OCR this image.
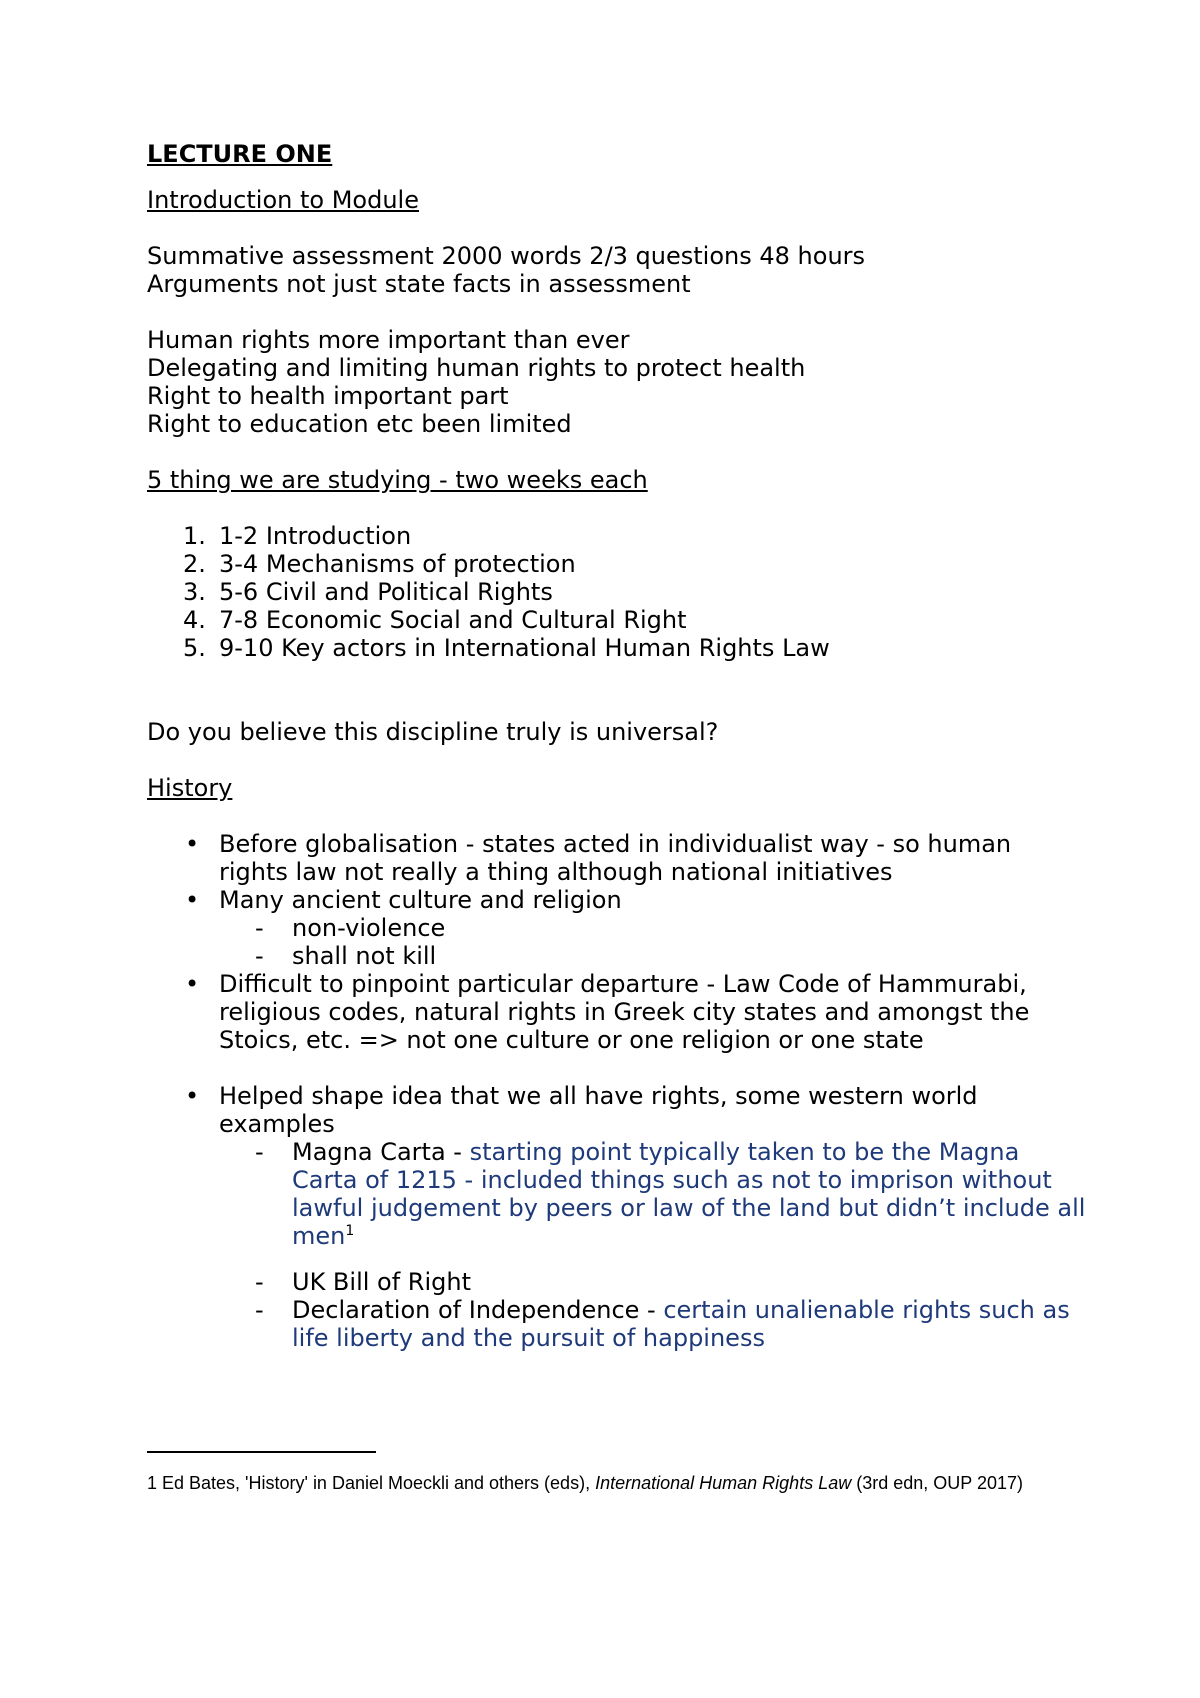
LECTURE ONE

Introduction to Module

Summative assessment 2000 words 2/3 questions 48 hours

Arguments not just state facts in assessment

Human rights more important than ever

Delegating and limiting human rights to protect health

Right to health important part

Right to education etc been limited

5 thing we are studying - two weeks each

1. 1-2 Introduction
2. 3-4 Mechanisms of protection
3. 5-6 Civil and Political Rights
4. 7-8 Economic Social and Cultural Right
5. 9-10 Key actors in International Human Rights Law

Do you believe this discipline truly is universal?

History

• Before globalisation - states acted in individualist way - so human rights law not really a thing although national initiatives
• Many ancient culture and religion
- non-violence
- shall not kill
• Difficult to pinpoint particular departure - Law Code of Hammurabi, religious codes, natural rights in Greek city states and amongst the Stoics, etc. => not one culture or one religion or one state
• Helped shape idea that we all have rights, some western world examples
- Magna Carta - starting point typically taken to be the Magna Carta of 1215 - included things such as not to imprison without lawful judgement by peers or law of the land but didn’t include all men$^1$
- UK Bill of Right
- Declaration of Independence - certain unalienable rights such as life liberty and the pursuit of happiness
1 Ed Bates, 'History' in Daniel Moeckli and others (eds), International Human Rights Law (3rd edn, OUP 2017)
